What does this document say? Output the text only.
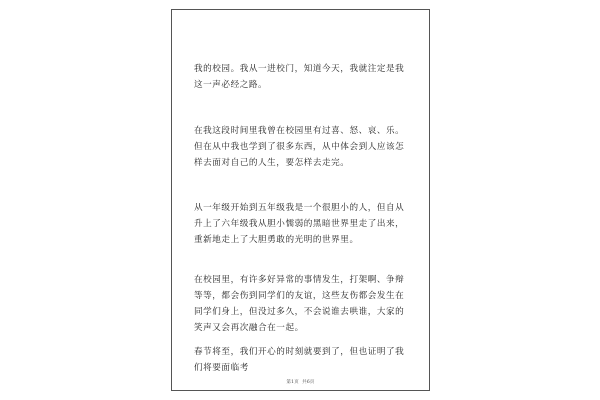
我的校园。我从一进校门，知道今天，我就注定是我这一声必经之路。
在我这段时间里我曾在校园里有过喜、怒、哀、乐。但在从中我也学到了很多东西，从中体会到人应该怎样去面对自己的人生，要怎样去走完。
从一年级开始到五年级我是一个很胆小的人，但自从升上了六年级我从胆小懦弱的黑暗世界里走了出来，重新地走上了大胆勇敢的光明的世界里。
在校园里，有许多好异常的事情发生，打架啊、争辩等等，都会伤到同学们的友谊，这些友伤都会发生在同学们身上，但没过多久，不会说谁去哄谁，大家的笑声又会再次融合在一起。
春节将至，我们开心的时刻就要到了，但也证明了我们将要面临考
第1页  共6页
